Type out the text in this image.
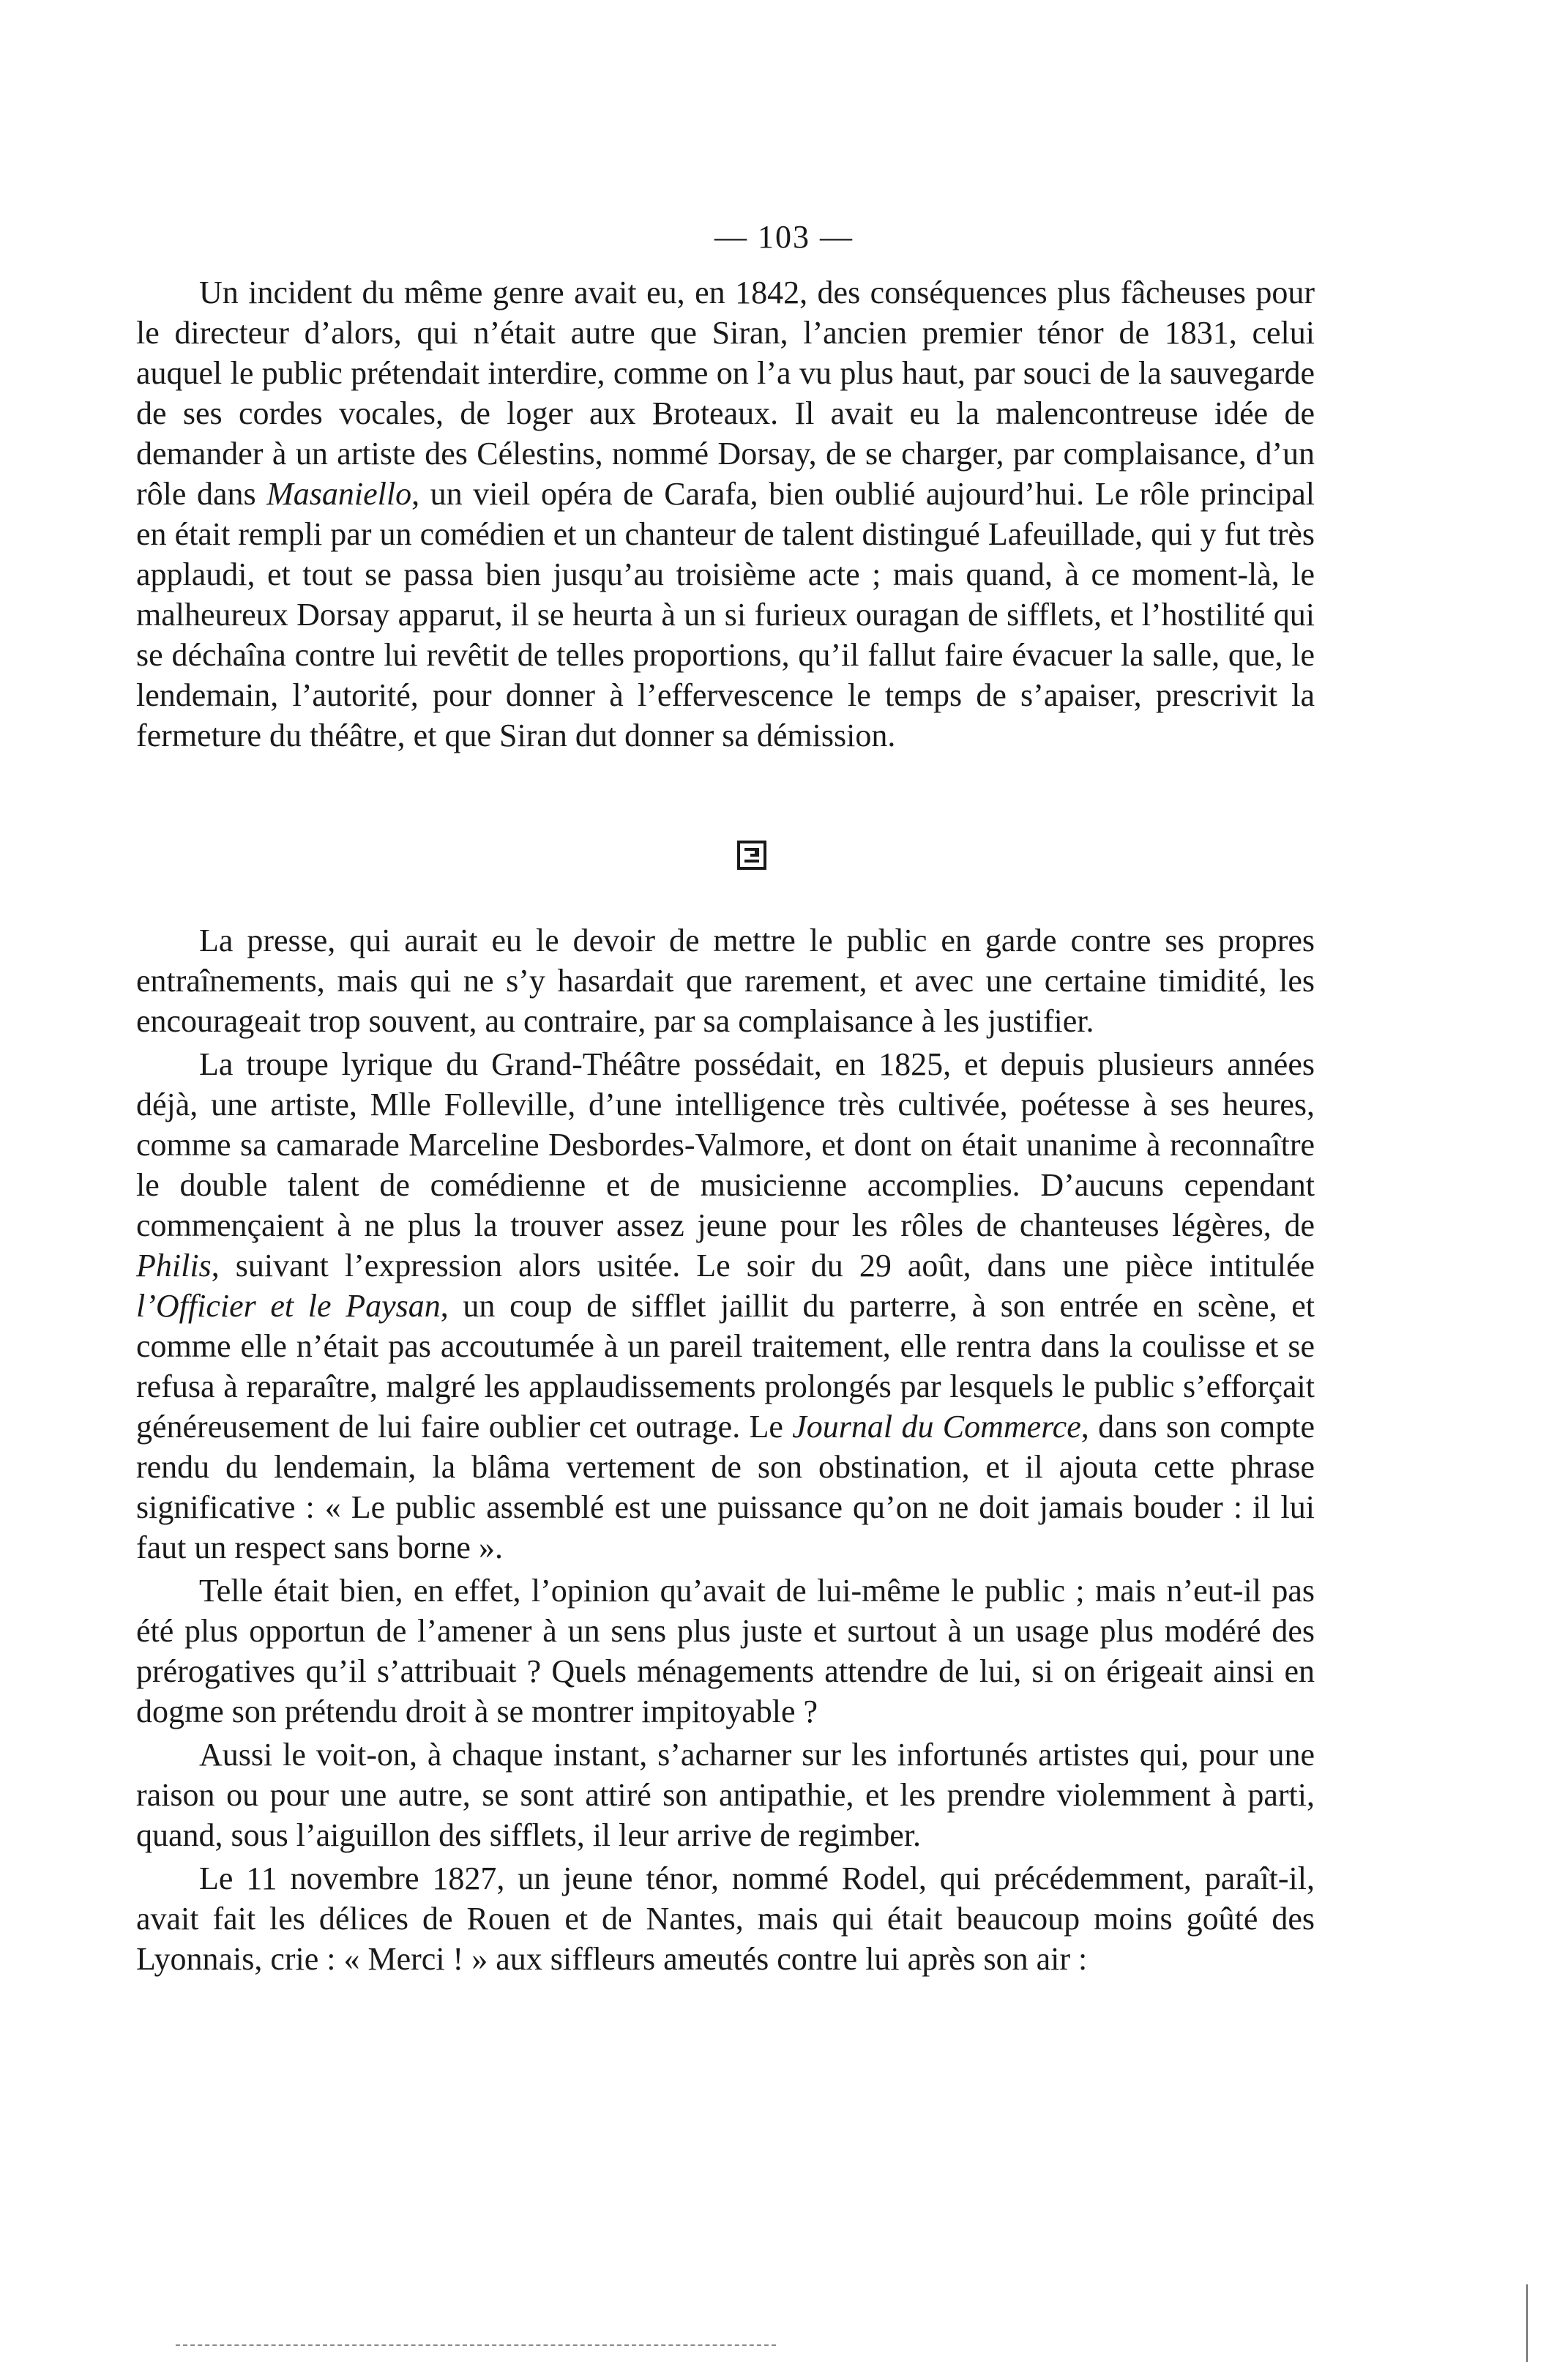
— 103 —

Un incident du même genre avait eu, en 1842, des conséquences plus fâcheuses pour le directeur d’alors, qui n’était autre que Siran, l’ancien premier ténor de 1831, celui auquel le public prétendait interdire, comme on l’a vu plus haut, par souci de la sauvegarde de ses cordes vocales, de loger aux Broteaux. Il avait eu la malencontreuse idée de demander à un artiste des Célestins, nommé Dorsay, de se charger, par complaisance, d’un rôle dans Masaniello, un vieil opéra de Carafa, bien oublié aujourd’hui. Le rôle principal en était rempli par un comédien et un chanteur de talent distingué Lafeuillade, qui y fut très applaudi, et tout se passa bien jusqu’au troisième acte ; mais quand, à ce moment-là, le malheureux Dorsay apparut, il se heurta à un si furieux ouragan de sifflets, et l’hostilité qui se déchaîna contre lui revêtit de telles proportions, qu’il fallut faire évacuer la salle, que, le lendemain, l’autorité, pour donner à l’effervescence le temps de s’apaiser, prescrivit la fermeture du théâtre, et que Siran dut donner sa démission.

La presse, qui aurait eu le devoir de mettre le public en garde contre ses propres entraînements, mais qui ne s’y hasardait que rarement, et avec une certaine timidité, les encourageait trop souvent, au contraire, par sa complaisance à les justifier.

La troupe lyrique du Grand-Théâtre possédait, en 1825, et depuis plusieurs années déjà, une artiste, Mlle Folleville, d’une intelligence très cultivée, poétesse à ses heures, comme sa camarade Marceline Desbordes-Valmore, et dont on était unanime à reconnaître le double talent de comédienne et de musicienne accomplies. D’aucuns cependant commençaient à ne plus la trouver assez jeune pour les rôles de chanteuses légères, de Philis, suivant l’expression alors usitée. Le soir du 29 août, dans une pièce intitulée l’Officier et le Paysan, un coup de sifflet jaillit du parterre, à son entrée en scène, et comme elle n’était pas accoutumée à un pareil traitement, elle rentra dans la coulisse et se refusa à reparaître, malgré les applaudissements prolongés par lesquels le public s’efforçait généreusement de lui faire oublier cet outrage. Le Journal du Commerce, dans son compte rendu du lendemain, la blâma vertement de son obstination, et il ajouta cette phrase significative : « Le public assemblé est une puissance qu’on ne doit jamais bouder : il lui faut un respect sans borne ».

Telle était bien, en effet, l’opinion qu’avait de lui-même le public ; mais n’eut-il pas été plus opportun de l’amener à un sens plus juste et surtout à un usage plus modéré des prérogatives qu’il s’attribuait ? Quels ménagements attendre de lui, si on érigeait ainsi en dogme son prétendu droit à se montrer impitoyable ?

Aussi le voit-on, à chaque instant, s’acharner sur les infortunés artistes qui, pour une raison ou pour une autre, se sont attiré son antipathie, et les prendre violemment à parti, quand, sous l’aiguillon des sifflets, il leur arrive de regimber.

Le 11 novembre 1827, un jeune ténor, nommé Rodel, qui précédemment, paraît-il, avait fait les délices de Rouen et de Nantes, mais qui était beaucoup moins goûté des Lyonnais, crie : « Merci ! » aux siffleurs ameutés contre lui après son air :
